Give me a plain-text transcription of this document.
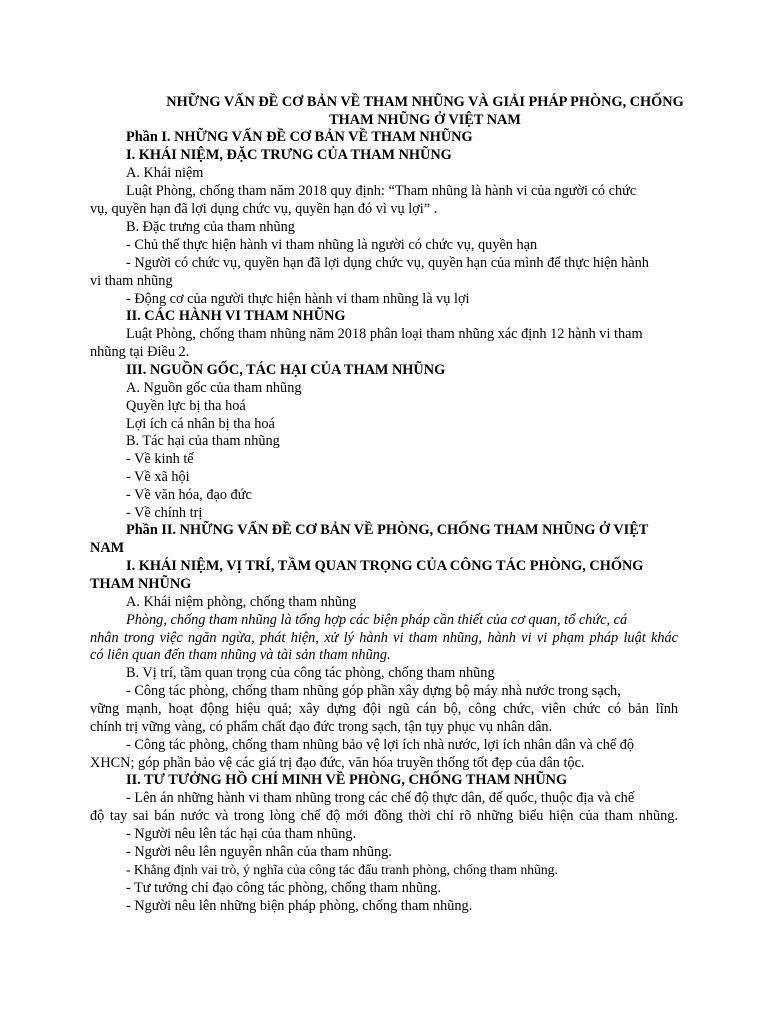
NHỮNG VẤN ĐỀ CƠ BẢN VỀ THAM NHŨNG VÀ GIẢI PHÁP PHÒNG, CHỐNG
THAM NHŨNG Ở VIỆT NAM
Phần I. NHỮNG VẤN ĐỀ CƠ BẢN VỀ THAM NHŨNG
I. KHÁI NIỆM, ĐẶC TRƯNG CỦA THAM NHŨNG
A. Khái niệm
Luật Phòng, chống tham năm 2018 quy định: “Tham nhũng là hành vi của người có chức
vụ, quyền hạn đã lợi dụng chức vụ, quyền hạn đó vì vụ lợi” .
B. Đặc trưng của tham nhũng
- Chủ thể thực hiện hành vi tham nhũng là người có chức vụ, quyền hạn
- Người có chức vụ, quyền hạn đã lợi dụng chức vụ, quyền hạn của mình để thực hiện hành
vi tham nhũng
- Động cơ của người thực hiện hành vi tham nhũng là vụ lợi
II. CÁC HÀNH VI THAM NHŨNG
Luật Phòng, chống tham nhũng năm 2018 phân loại tham nhũng xác định 12 hành vi tham
nhũng tại Điều 2.
III. NGUỒN GỐC, TÁC HẠI CỦA THAM NHŨNG
A. Nguồn gốc của tham nhũng
Quyền lực bị tha hoá
Lợi ích cá nhân bị tha hoá
B. Tác hại của tham nhũng
- Về kinh tế
- Về xã hội
- Về văn hóa, đạo đức
- Về chính trị
Phần II. NHỮNG VẤN ĐỀ CƠ BẢN VỀ PHÒNG, CHỐNG THAM NHŨNG Ở VIỆT
NAM
I. KHÁI NIỆM, VỊ TRÍ, TẦM QUAN TRỌNG CỦA CÔNG TÁC PHÒNG, CHỐNG
THAM NHŨNG
A. Khái niệm phòng, chống tham nhũng
Phòng, chống tham nhũng là tổng hợp các biện pháp cần thiết của cơ quan, tổ chức, cá
nhân trong việc ngăn ngừa, phát hiện, xử lý hành vi tham nhũng, hành vi vi phạm pháp luật khác
có liên quan đến tham nhũng và tài sản tham nhũng.
B. Vị trí, tầm quan trọng của công tác phòng, chống tham nhũng
- Công tác phòng, chống tham nhũng góp phần xây dựng bộ máy nhà nước trong sạch,
vững mạnh, hoạt động hiệu quả; xây dựng đội ngũ cán bộ, công chức, viên chức có bản lĩnh
chính trị vững vàng, có phẩm chất đạo đức trong sạch, tận tụy phục vụ nhân dân.
- Công tác phòng, chống tham nhũng bảo vệ lợi ích nhà nước, lợi ích nhân dân và chế độ
XHCN; góp phần bảo vệ các giá trị đạo đức, văn hóa truyền thống tốt đẹp của dân tộc.
II. TƯ TƯỞNG HỒ CHÍ MINH VỀ PHÒNG, CHỐNG THAM NHŨNG
- Lên án những hành vi tham nhũng trong các chế độ thực dân, đế quốc, thuộc địa và chế
độ tay sai bán nước và trong lòng chế độ mới đồng thời chỉ rõ những biểu hiện của tham nhũng.
- Người nêu lên tác hại của tham nhũng.
- Người nêu lên nguyên nhân của tham nhũng.
- Khẳng định vai trò, ý nghĩa của công tác đấu tranh phòng, chống tham nhũng.
- Tư tưởng chỉ đạo công tác phòng, chống tham nhũng.
- Người nêu lên những biện pháp phòng, chống tham nhũng.
